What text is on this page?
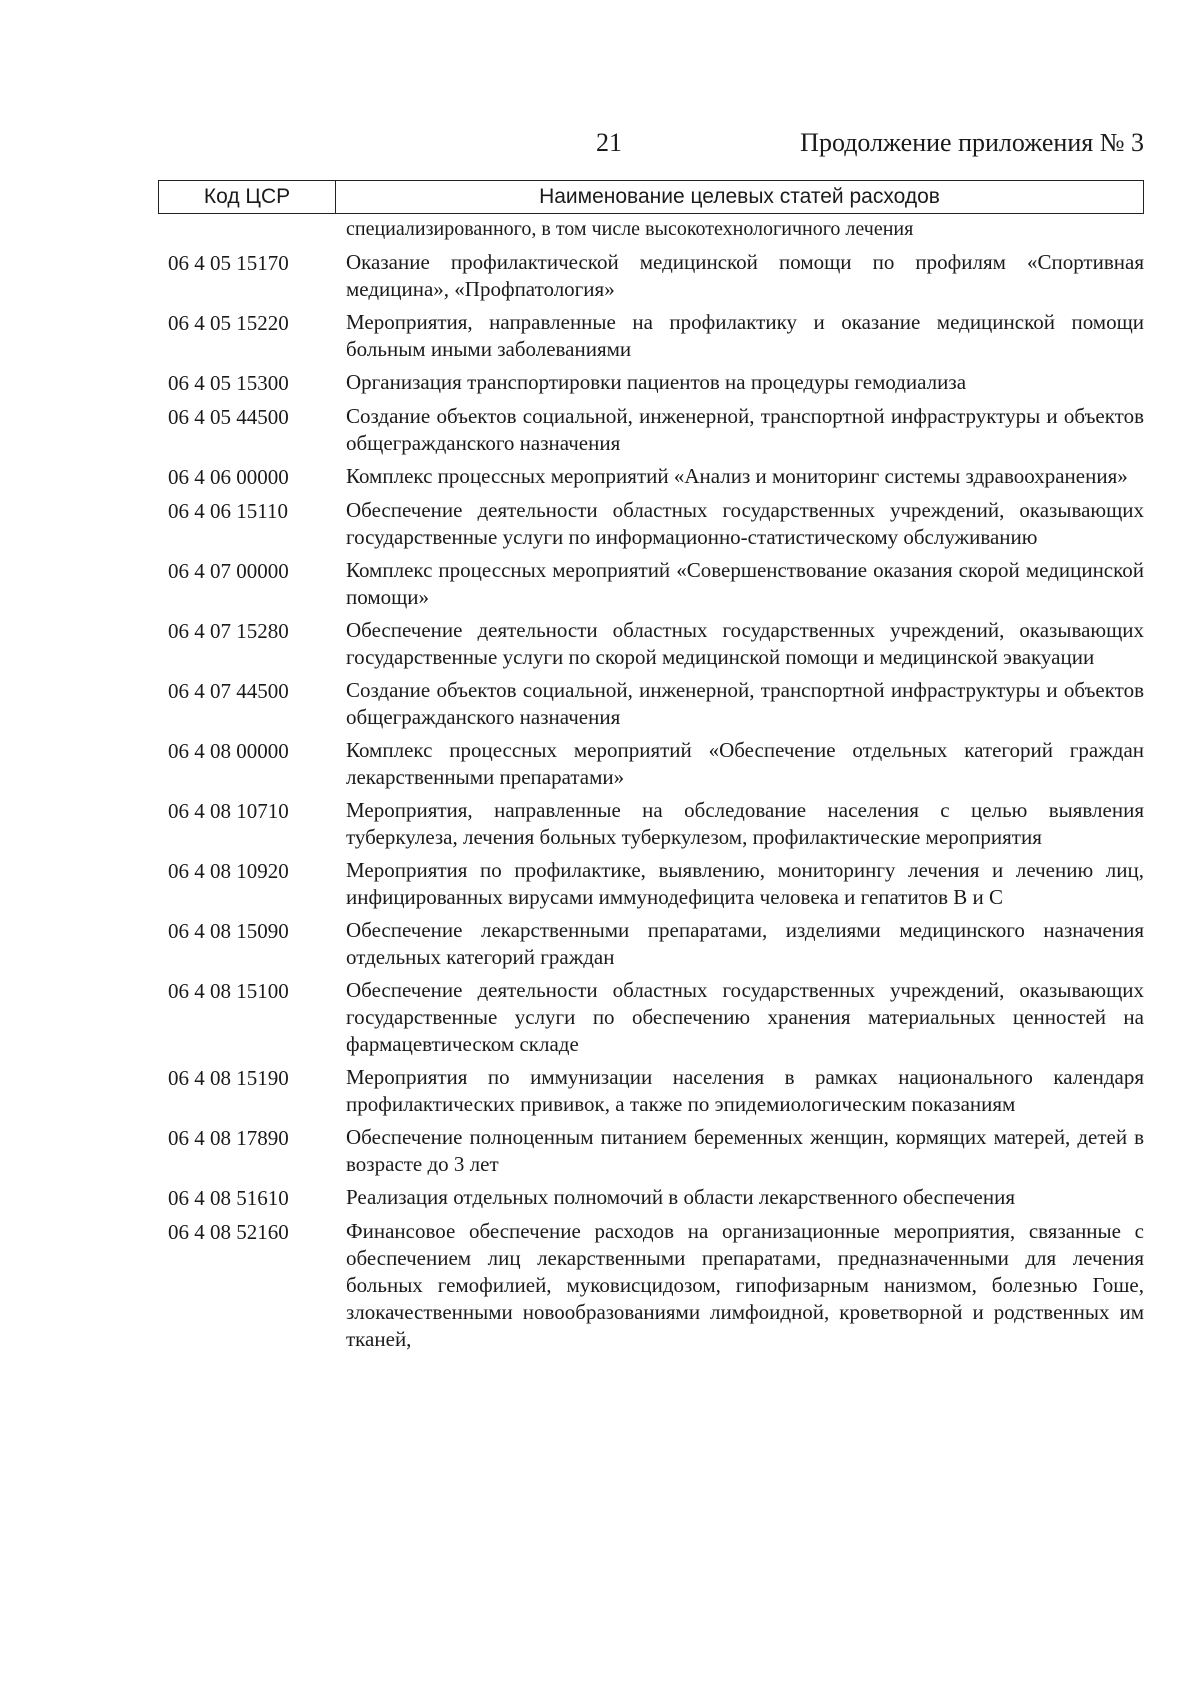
21	Продолжение приложения № 3
Код ЦСР	Наименование целевых статей расходов
специализированного, в том числе высокотехнологичного лечения
06 4 05 15170	Оказание профилактической медицинской помощи по профилям «Спортивная медицина», «Профпатология»
06 4 05 15220	Мероприятия, направленные на профилактику и оказание медицинской помощи больным иными заболеваниями
06 4 05 15300	Организация транспортировки пациентов на процедуры гемодиализа
06 4 05 44500	Создание объектов социальной, инженерной, транспортной инфраструктуры и объектов общегражданского назначения
06 4 06 00000	Комплекс процессных мероприятий «Анализ и мониторинг системы здравоохранения»
06 4 06 15110	Обеспечение деятельности областных государственных учреждений, оказывающих государственные услуги по информационно-статистическому обслуживанию
06 4 07 00000	Комплекс процессных мероприятий «Совершенствование оказания скорой медицинской помощи»
06 4 07 15280	Обеспечение деятельности областных государственных учреждений, оказывающих государственные услуги по скорой медицинской помощи и медицинской эвакуации
06 4 07 44500	Создание объектов социальной, инженерной, транспортной инфраструктуры и объектов общегражданского назначения
06 4 08 00000	Комплекс процессных мероприятий «Обеспечение отдельных категорий граждан лекарственными препаратами»
06 4 08 10710	Мероприятия, направленные на обследование населения с целью выявления туберкулеза, лечения больных туберкулезом, профилактические мероприятия
06 4 08 10920	Мероприятия по профилактике, выявлению, мониторингу лечения и лечению лиц, инфицированных вирусами иммунодефицита человека и гепатитов В и С
06 4 08 15090	Обеспечение лекарственными препаратами, изделиями медицинского назначения отдельных категорий граждан
06 4 08 15100	Обеспечение деятельности областных государственных учреждений, оказывающих государственные услуги по обеспечению хранения материальных ценностей на фармацевтическом складе
06 4 08 15190	Мероприятия по иммунизации населения в рамках национального календаря профилактических прививок, а также по эпидемиологическим показаниям
06 4 08 17890	Обеспечение полноценным питанием беременных женщин, кормящих матерей, детей в возрасте до 3 лет
06 4 08 51610	Реализация отдельных полномочий в области лекарственного обеспечения
06 4 08 52160	Финансовое обеспечение расходов на организационные мероприятия, связанные с обеспечением лиц лекарственными препаратами, предназначенными для лечения больных гемофилией, муковисцидозом, гипофизарным нанизмом, болезнью Гоше, злокачественными новообразованиями лимфоидной, кроветворной и родственных им тканей,
